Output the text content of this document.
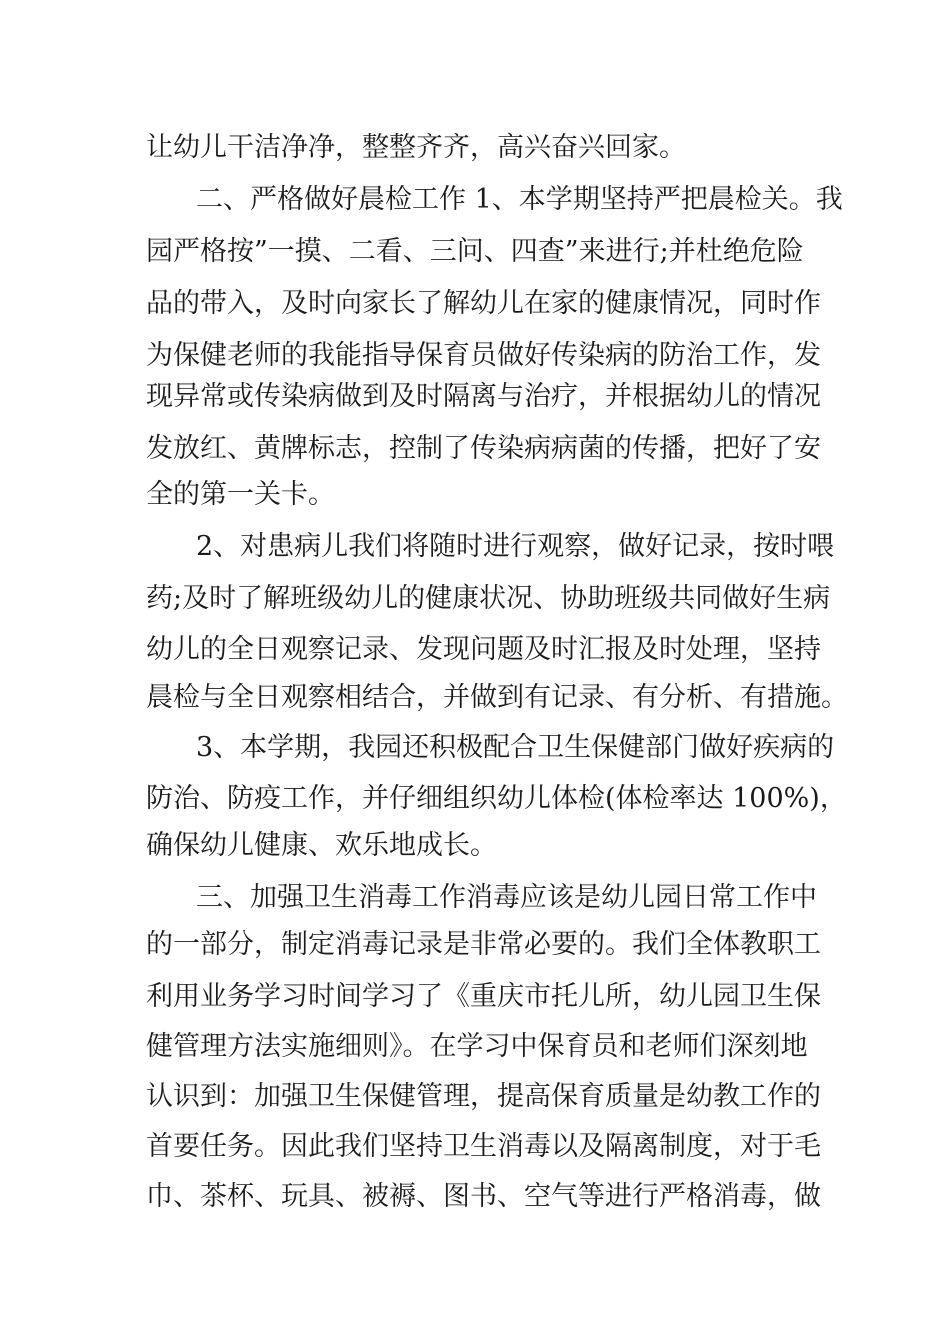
让幼儿干洁净净，整整齐齐，高兴奋兴回家。
二、严格做好晨检工作 1、本学期坚持严把晨检关。我
园严格按”一摸、二看、三问、四查”来进行;并杜绝危险
品的带入，及时向家长了解幼儿在家的健康情况，同时作
为保健老师的我能指导保育员做好传染病的防治工作，发
现异常或传染病做到及时隔离与治疗，并根据幼儿的情况
发放红、黄牌标志，控制了传染病病菌的传播，把好了安
全的第一关卡。
2、对患病儿我们将随时进行观察，做好记录，按时喂
药;及时了解班级幼儿的健康状况、协助班级共同做好生病
幼儿的全日观察记录、发现问题及时汇报及时处理，坚持
晨检与全日观察相结合，并做到有记录、有分析、有措施。
3、本学期，我园还积极配合卫生保健部门做好疾病的
防治、防疫工作，并仔细组织幼儿体检(体检率达 100%)，
确保幼儿健康、欢乐地成长。
三、加强卫生消毒工作消毒应该是幼儿园日常工作中
的一部分，制定消毒记录是非常必要的。我们全体教职工
利用业务学习时间学习了《重庆市托儿所，幼儿园卫生保
健管理方法实施细则》。在学习中保育员和老师们深刻地
认识到：加强卫生保健管理，提高保育质量是幼教工作的
首要任务。因此我们坚持卫生消毒以及隔离制度，对于毛
巾、茶杯、玩具、被褥、图书、空气等进行严格消毒，做
